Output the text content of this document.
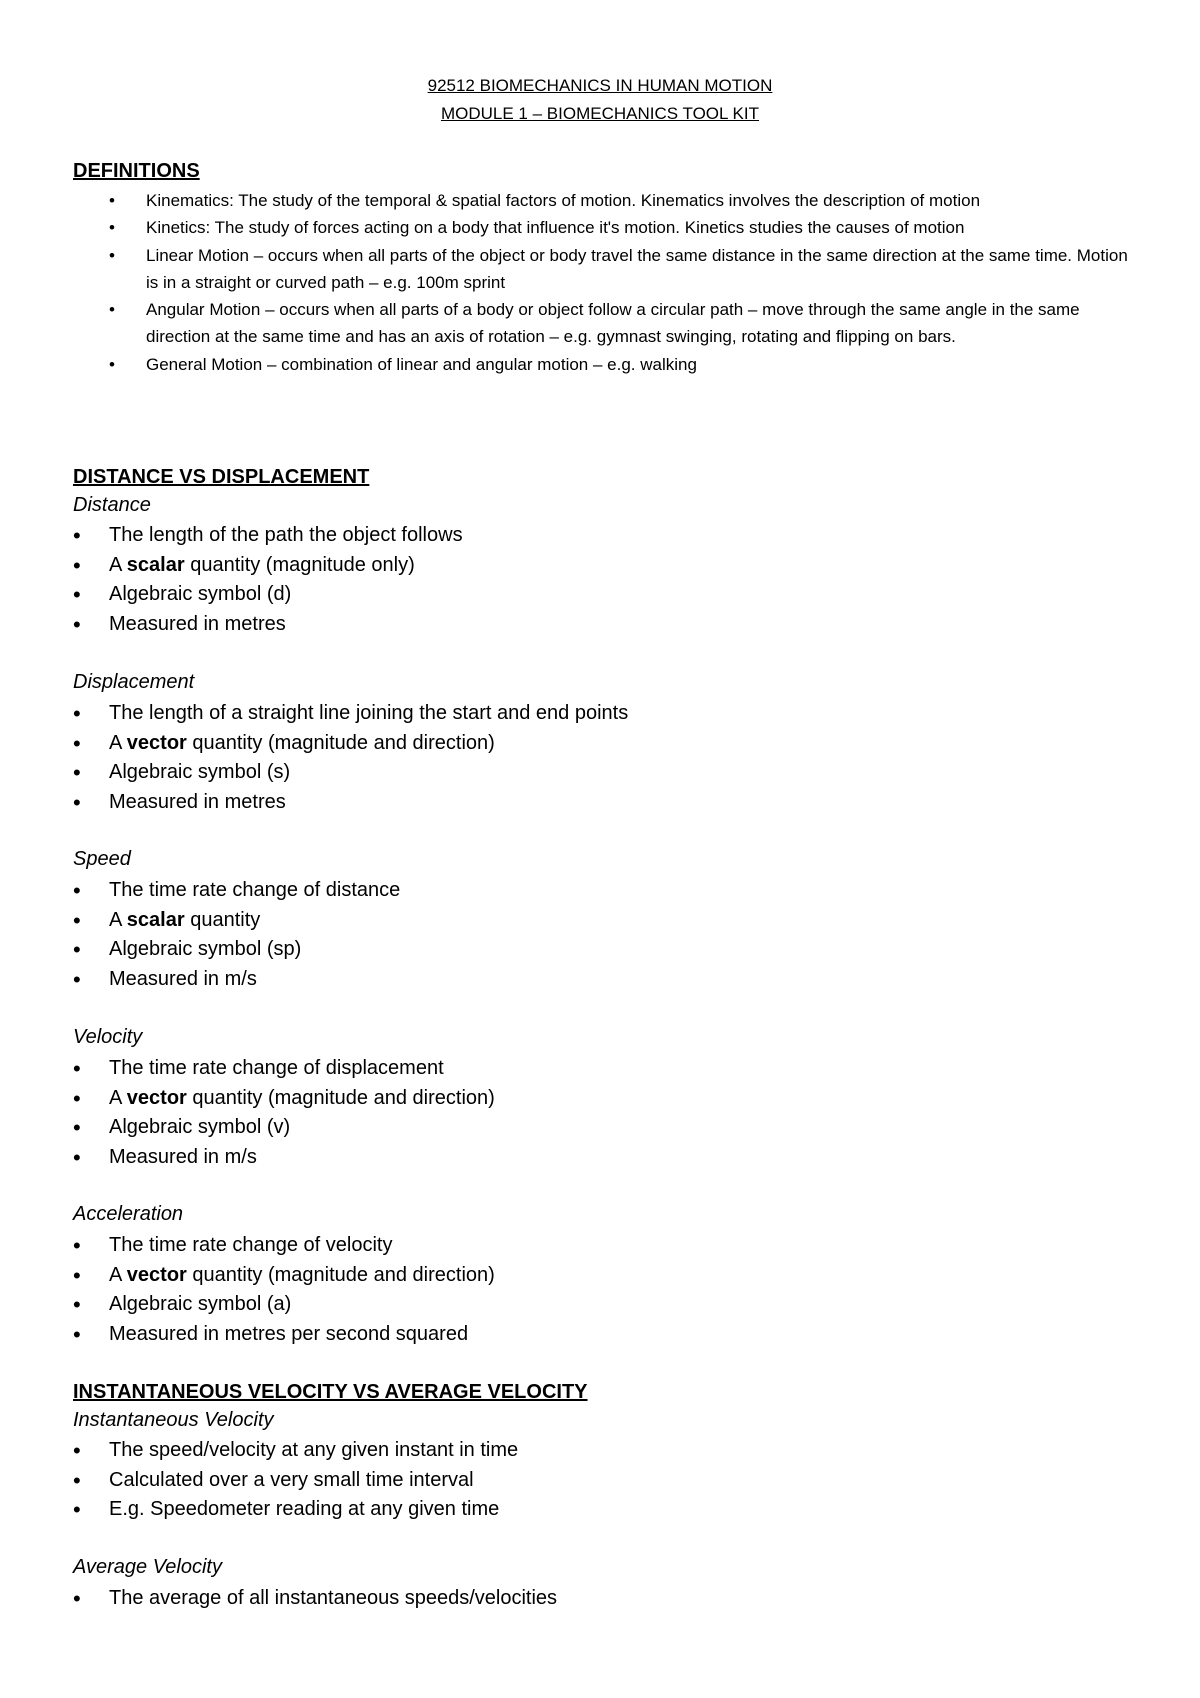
92512 BIOMECHANICS IN HUMAN MOTION
MODULE 1 – BIOMECHANICS TOOL KIT
DEFINITIONS
• Kinematics: The study of the temporal & spatial factors of motion. Kinematics involves the description of motion
• Kinetics: The study of forces acting on a body that influence it's motion. Kinetics studies the causes of motion
• Linear Motion – occurs when all parts of the object or body travel the same distance in the same direction at the same time. Motion is in a straight or curved path – e.g. 100m sprint
• Angular Motion – occurs when all parts of a body or object follow a circular path – move through the same angle in the same direction at the same time and has an axis of rotation – e.g. gymnast swinging, rotating and flipping on bars.
• General Motion – combination of linear and angular motion – e.g. walking
DISTANCE VS DISPLACEMENT
Distance
• The length of the path the object follows
• A scalar quantity (magnitude only)
• Algebraic symbol (d)
• Measured in metres
Displacement
• The length of a straight line joining the start and end points
• A vector quantity (magnitude and direction)
• Algebraic symbol (s)
• Measured in metres
Speed
• The time rate change of distance
• A scalar quantity
• Algebraic symbol (sp)
• Measured in m/s
Velocity
• The time rate change of displacement
• A vector quantity (magnitude and direction)
• Algebraic symbol (v)
• Measured in m/s
Acceleration
• The time rate change of velocity
• A vector quantity (magnitude and direction)
• Algebraic symbol (a)
• Measured in metres per second squared
INSTANTANEOUS VELOCITY VS AVERAGE VELOCITY
Instantaneous Velocity
• The speed/velocity at any given instant in time
• Calculated over a very small time interval
• E.g. Speedometer reading at any given time
Average Velocity
• The average of all instantaneous speeds/velocities
